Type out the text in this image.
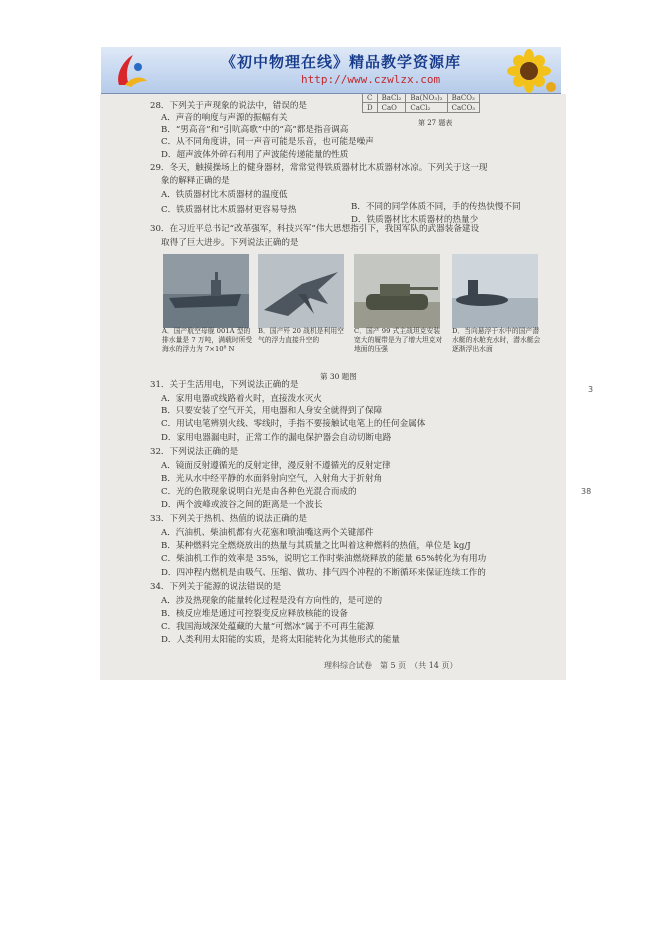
《初中物理在线》精品教学资源库
http://www.czwlzx.com
C	BaCl₂	Ba(NO₃)₂	BaCO₃
D	CaO	CaCl₂	CaCO₃
第 27 题表
28．下列关于声现象的说法中，错误的是
A．声音的响度与声源的振幅有关
B．“男高音”和“引吭高歌”中的“高”都是指音调高
C．从不同角度讲，同一声音可能是乐音，也可能是噪声
D．超声波体外碎石利用了声波能传递能量的性质
29．冬天，触摸操场上的健身器材，常常觉得铁质器材比木质器材冰凉。下列关于这一现
象的解释正确的是
A．铁质器材比木质器材的温度低
B．不同的同学体质不同，手的传热快慢不同
C．铁质器材比木质器材更容易导热
D．铁质器材比木质器材的热量少
30．在习近平总书记“改革强军，科技兴军”伟大思想指引下，我国军队的武器装备建设
取得了巨大进步。下列说法正确的是
A．国产航空母舰 001A 型的排水量是 7 万吨，满载时所受海水的浮力为 7×10⁸ N
B．国产歼 20 战机是利用空气的浮力直接升空的
C．国产 99 式主战坦克安装宽大的履带是为了增大坦克对地面的压强
D．当向悬浮于水中的国产潜水艇的水舱充水时，潜水艇会逐渐浮出水面
第 30 题图
31．关于生活用电，下列说法正确的是
A．家用电器或线路着火时，直接泼水灭火
B．只要安装了空气开关，用电器和人身安全就得到了保障
C．用试电笔辨别火线、零线时，手指不要接触试电笔上的任何金属体
D．家用电器漏电时，正常工作的漏电保护器会自动切断电路
32．下列说法正确的是
A．镜面反射遵循光的反射定律，漫反射不遵循光的反射定律
B．光从水中经平静的水面斜射向空气，入射角大于折射角
C．光的色散现象说明白光是由各种色光混合而成的
D．两个波峰或波谷之间的距离是一个波长
33．下列关于热机、热值的说法正确的是
A．汽油机、柴油机都有火花塞和喷油嘴这两个关键部件
B．某种燃料完全燃烧放出的热量与其质量之比叫着这种燃料的热值，单位是 kg/J
C．柴油机工作的效率是 35%，说明它工作时柴油燃烧释放的能量 65%转化为有用功
D．四冲程内燃机是由吸气、压缩、做功、排气四个冲程的不断循环来保证连续工作的
34．下列关于能源的说法错误的是
A．涉及热现象的能量转化过程是没有方向性的，是可逆的
B．核反应堆是通过可控裂变反应释放核能的设备
C．我国海域深处蕴藏的大量“可燃冰”属于不可再生能源
D．人类利用太阳能的实质，是将太阳能转化为其他形式的能量
理科综合试卷　第 5 页　（共 14 页）
3
38
